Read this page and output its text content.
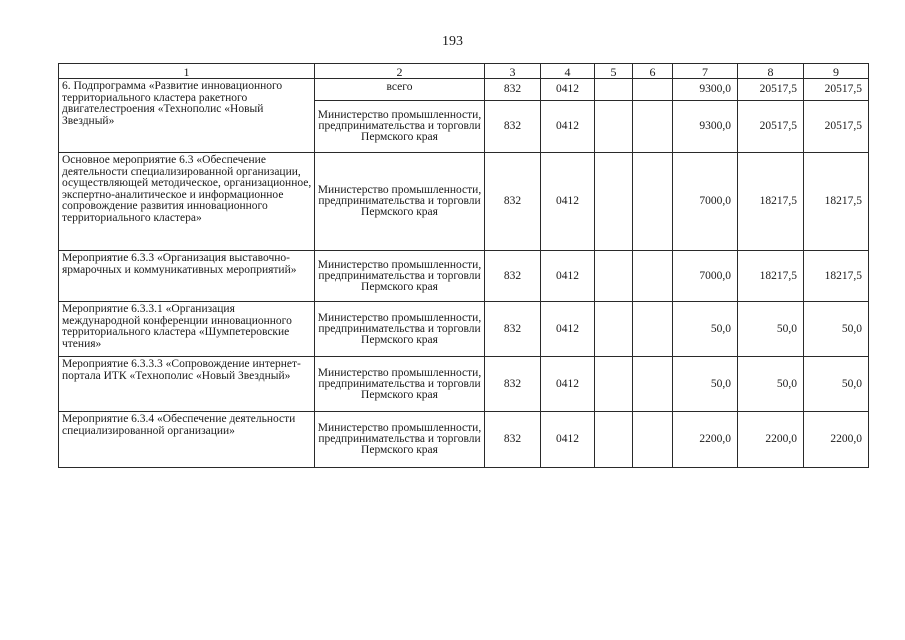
193
1	2	3	4	5	6	7	8	9
6. Подпрограмма «Развитие инновационного территориального кластера ракетного двигателестроения «Технополис «Новый Звездный»	всего	832	0412			9300,0	20517,5	20517,5
	Министерство промышленности, предпринимательства и торговли Пермского края	832	0412			9300,0	20517,5	20517,5
Основное мероприятие 6.3 «Обеспечение деятельности специализированной организации, осуществляющей методическое, организационное, экспертно-аналитическое и информационное сопровождение развития инновационного территориального кластера»	Министерство промышленности, предпринимательства и торговли Пермского края	832	0412			7000,0	18217,5	18217,5
Мероприятие 6.3.3 «Организация выставочно-ярмарочных и коммуникативных мероприятий»	Министерство промышленности, предпринимательства и торговли Пермского края	832	0412			7000,0	18217,5	18217,5
Мероприятие 6.3.3.1 «Организация международной конференции инновационного территориального кластера «Шумпетеровские чтения»	Министерство промышленности, предпринимательства и торговли Пермского края	832	0412			50,0	50,0	50,0
Мероприятие 6.3.3.3 «Сопровождение интернет-портала ИТК «Технополис «Новый Звездный»	Министерство промышленности, предпринимательства и торговли Пермского края	832	0412			50,0	50,0	50,0
Мероприятие 6.3.4 «Обеспечение деятельности специализированной организации»	Министерство промышленности, предпринимательства и торговли Пермского края	832	0412			2200,0	2200,0	2200,0
